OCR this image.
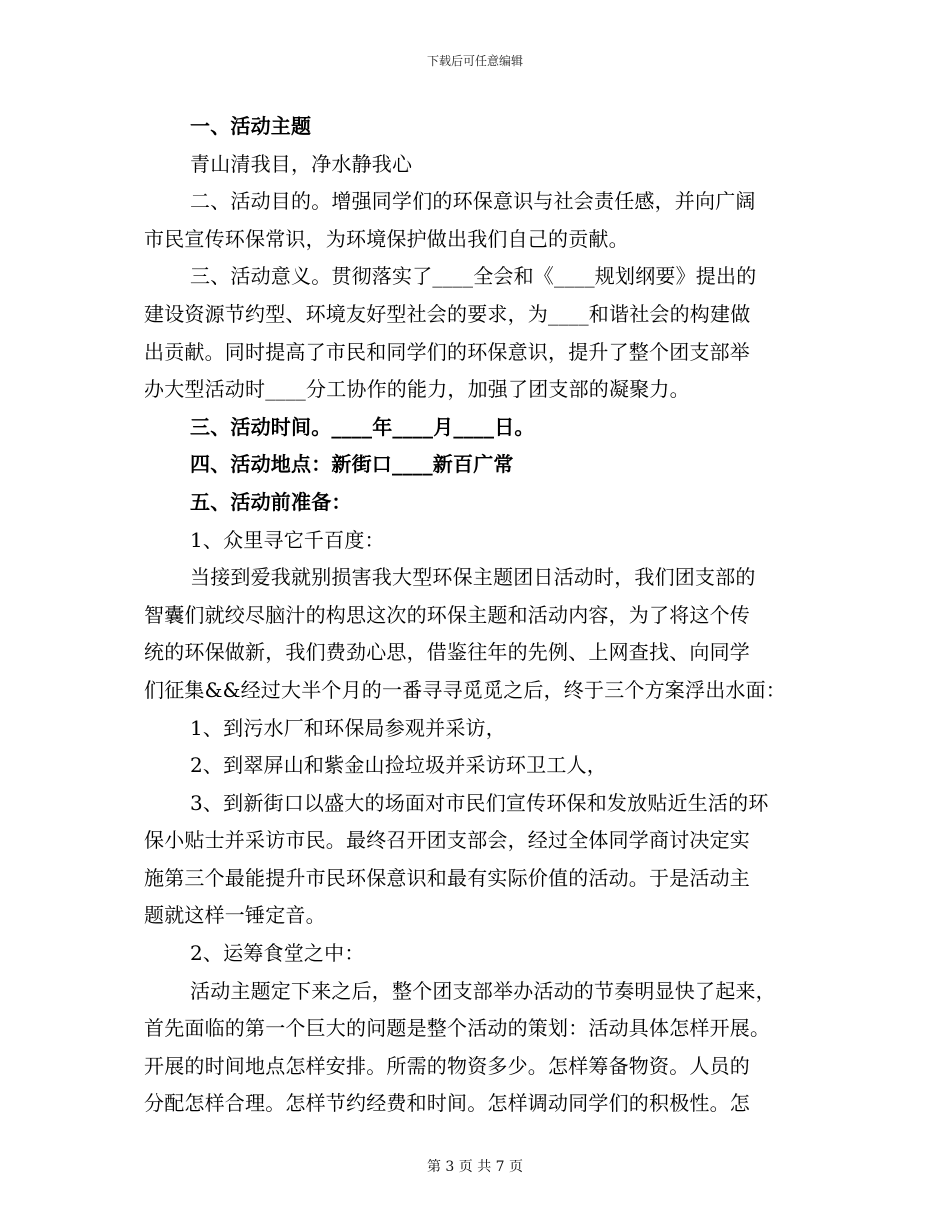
下载后可任意编辑
一、活动主题
青山清我目，净水静我心
二、活动目的。增强同学们的环保意识与社会责任感，并向广阔
市民宣传环保常识，为环境保护做出我们自己的贡献。
三、活动意义。贯彻落实了____全会和《____规划纲要》提出的
建设资源节约型、环境友好型社会的要求，为____和谐社会的构建做
出贡献。同时提高了市民和同学们的环保意识，提升了整个团支部举
办大型活动时____分工协作的能力，加强了团支部的凝聚力。
三、活动时间。____年____月____日。
四、活动地点：新街口____新百广常
五、活动前准备：
1、众里寻它千百度：
当接到爱我就别损害我大型环保主题团日活动时，我们团支部的
智囊们就绞尽脑汁的构思这次的环保主题和活动内容，为了将这个传
统的环保做新，我们费劲心思，借鉴往年的先例、上网查找、向同学
们征集&&经过大半个月的一番寻寻觅觅之后，终于三个方案浮出水面：
1、到污水厂和环保局参观并采访，
2、到翠屏山和紫金山捡垃圾并采访环卫工人，
3、到新街口以盛大的场面对市民们宣传环保和发放贴近生活的环
保小贴士并采访市民。最终召开团支部会，经过全体同学商讨决定实
施第三个最能提升市民环保意识和最有实际价值的活动。于是活动主
题就这样一锤定音。
2、运筹食堂之中：
活动主题定下来之后，整个团支部举办活动的节奏明显快了起来，
首先面临的第一个巨大的问题是整个活动的策划：活动具体怎样开展。
开展的时间地点怎样安排。所需的物资多少。怎样筹备物资。人员的
分配怎样合理。怎样节约经费和时间。怎样调动同学们的积极性。怎
第 3 页 共 7 页
